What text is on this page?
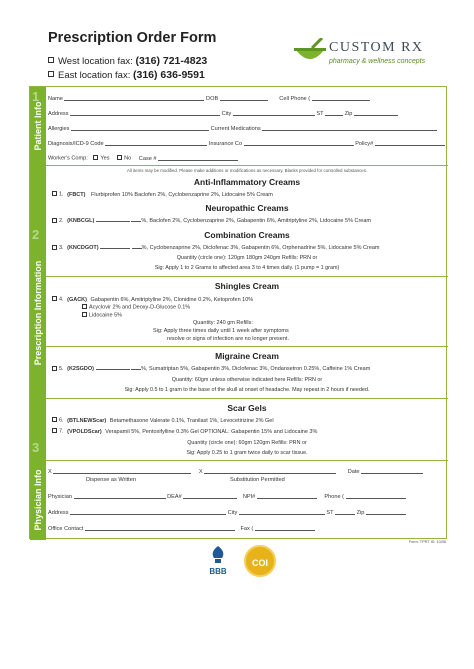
Prescription Order Form
West location fax: (316) 721-4823
East location fax: (316) 636-9591
CUSTOM RX
pharmacy & wellness concepts
Patient Info
Prescription Information
Physician Info
1
2
3
Name	DOB	Cell Phone (
Address	City	ST	Zip
Allergies	Current Medications
Diagnosis/ICD-9 Code	Insurance Co	Policy#
Worker's Comp: Yes	No Case #
All items may be modified. Please make additions or modifications as necessary. Blanks provided for controlled substances.
Anti-Inflammatory Creams
1. (FBCT) Flurbiprofen 10% Baclofen 2%, Cyclobenzaprine 2%, Lidocaine 5% Cream
Neuropathic Creams
2. (KNBCGL)	%, Baclofen 2%, Cyclobenzaprine 2%, Gabapentin 6%, Amitriptyline 2%, Lidocaine 5% Cream
Combination Creams
3. (KNCDGOT)	%, Cyclobenzaprine 2%, Diclofenac 3%, Gabapentin 6%, Orphenadrine 5%, Lidocaine 5% Cream
Quantity (circle one): 120gm 180gm 240gm Refills: PRN or
Sig: Apply 1 to 2 Grams to affected area 3 to 4 times daily. (1 pump = 1 gram)
Shingles Cream
4. (GACK) Gabapentin 6%, Amitriptyline 2%, Clonidine 0.2%, Ketoprofen 10%
Acyclovir 2% and Deoxy-D-Glucose 0.1%
Lidocaine 5%
Quantity: 240 gm Refills:
Sig: Apply three times daily until 1 week after symptoms
resolve or signs of infection are no longer present.
Migraine Cream
5. (K2SGDO)	%, Sumatriptan 5%, Gabapentin 3%, Diclofenac 3%, Ondansetron 0.25%, Caffeine 1% Cream
Quantity: 60gm unless otherwise indicated here Refills: PRN or
Sig: Apply 0.5 to 1 gram to the base of the skull at onset of headache. May repeat in 2 hours if needed.
Scar Gels
6. (BTLNEWScar) Betamethasone Valerate 0.1%, Tranilast 1%, Levocetirizine 2% Gel
7. (VPOLDScar) Verapamil 5%, Pentoxifylline 0.3% Gel OPTIONAL: Gabapentin 15% and Lidocaine 3%
Quantity (circle one): 60gm 120gm Refills: PRN or
Sig: Apply 0.25 to 1 gram twice daily to scar tissue.
X	X	Date
Dispense as Written	Substitution Permitted
Physician	DEA#	NPI#	Phone (
Address	City	ST	Zip
Office Contact	Fax (
Form: TPRT ID: 10/08
BBB
COI
